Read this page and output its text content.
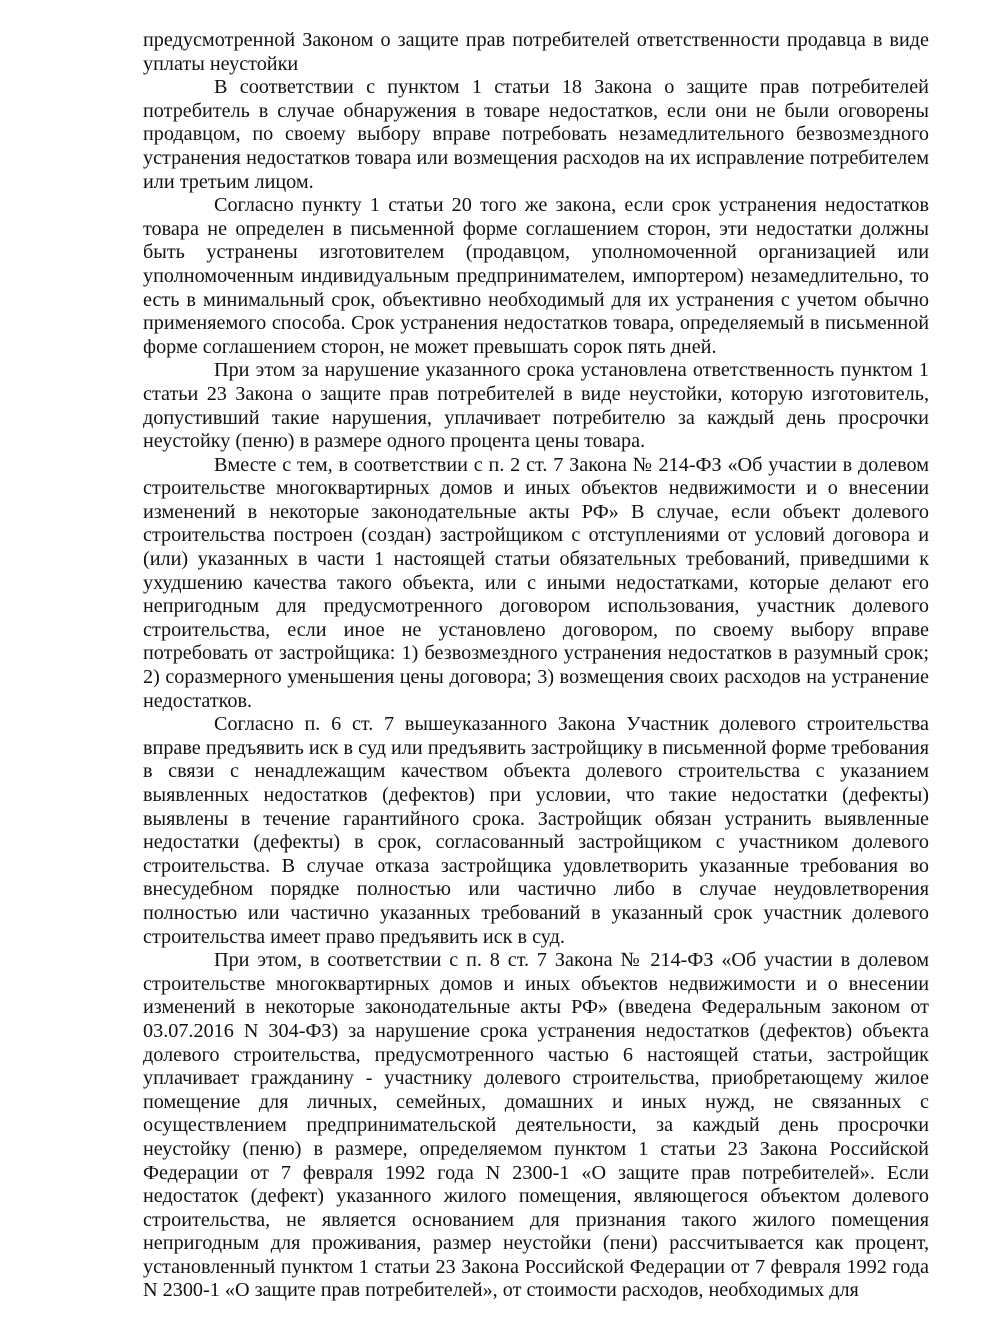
предусмотренной Законом о защите прав потребителей ответственности продавца в виде уплаты неустойки

В соответствии с пунктом 1 статьи 18 Закона о защите прав потребителей потребитель в случае обнаружения в товаре недостатков, если они не были оговорены продавцом, по своему выбору вправе потребовать незамедлительного безвозмездного устранения недостатков товара или возмещения расходов на их исправление потребителем или третьим лицом.

Согласно пункту 1 статьи 20 того же закона, если срок устранения недостатков товара не определен в письменной форме соглашением сторон, эти недостатки должны быть устранены изготовителем (продавцом, уполномоченной организацией или уполномоченным индивидуальным предпринимателем, импортером) незамедлительно, то есть в минимальный срок, объективно необходимый для их устранения с учетом обычно применяемого способа. Срок устранения недостатков товара, определяемый в письменной форме соглашением сторон, не может превышать сорок пять дней.

При этом за нарушение указанного срока установлена ответственность пунктом 1 статьи 23 Закона о защите прав потребителей в виде неустойки, которую изготовитель, допустивший такие нарушения, уплачивает потребителю за каждый день просрочки неустойку (пеню) в размере одного процента цены товара.

Вместе с тем, в соответствии с п. 2 ст. 7 Закона № 214-ФЗ «Об участии в долевом строительстве многоквартирных домов и иных объектов недвижимости и о внесении изменений в некоторые законодательные акты РФ» В случае, если объект долевого строительства построен (создан) застройщиком с отступлениями от условий договора и (или) указанных в части 1 настоящей статьи обязательных требований, приведшими к ухудшению качества такого объекта, или с иными недостатками, которые делают его непригодным для предусмотренного договором использования, участник долевого строительства, если иное не установлено договором, по своему выбору вправе потребовать от застройщика: 1) безвозмездного устранения недостатков в разумный срок; 2) соразмерного уменьшения цены договора; 3) возмещения своих расходов на устранение недостатков.

Согласно п. 6 ст. 7 вышеуказанного Закона Участник долевого строительства вправе предъявить иск в суд или предъявить застройщику в письменной форме требования в связи с ненадлежащим качеством объекта долевого строительства с указанием выявленных недостатков (дефектов) при условии, что такие недостатки (дефекты) выявлены в течение гарантийного срока. Застройщик обязан устранить выявленные недостатки (дефекты) в срок, согласованный застройщиком с участником долевого строительства. В случае отказа застройщика удовлетворить указанные требования во внесудебном порядке полностью или частично либо в случае неудовлетворения полностью или частично указанных требований в указанный срок участник долевого строительства имеет право предъявить иск в суд.

При этом, в соответствии с п. 8 ст. 7 Закона № 214-ФЗ «Об участии в долевом строительстве многоквартирных домов и иных объектов недвижимости и о внесении изменений в некоторые законодательные акты РФ» (введена Федеральным законом от 03.07.2016 N 304-ФЗ) за нарушение срока устранения недостатков (дефектов) объекта долевого строительства, предусмотренного частью 6 настоящей статьи, застройщик уплачивает гражданину - участнику долевого строительства, приобретающему жилое помещение для личных, семейных, домашних и иных нужд, не связанных с осуществлением предпринимательской деятельности, за каждый день просрочки неустойку (пеню) в размере, определяемом пунктом 1 статьи 23 Закона Российской Федерации от 7 февраля 1992 года N 2300-1 «О защите прав потребителей». Если недостаток (дефект) указанного жилого помещения, являющегося объектом долевого строительства, не является основанием для признания такого жилого помещения непригодным для проживания, размер неустойки (пени) рассчитывается как процент, установленный пунктом 1 статьи 23 Закона Российской Федерации от 7 февраля 1992 года N 2300-1 «О защите прав потребителей», от стоимости расходов, необходимых для
